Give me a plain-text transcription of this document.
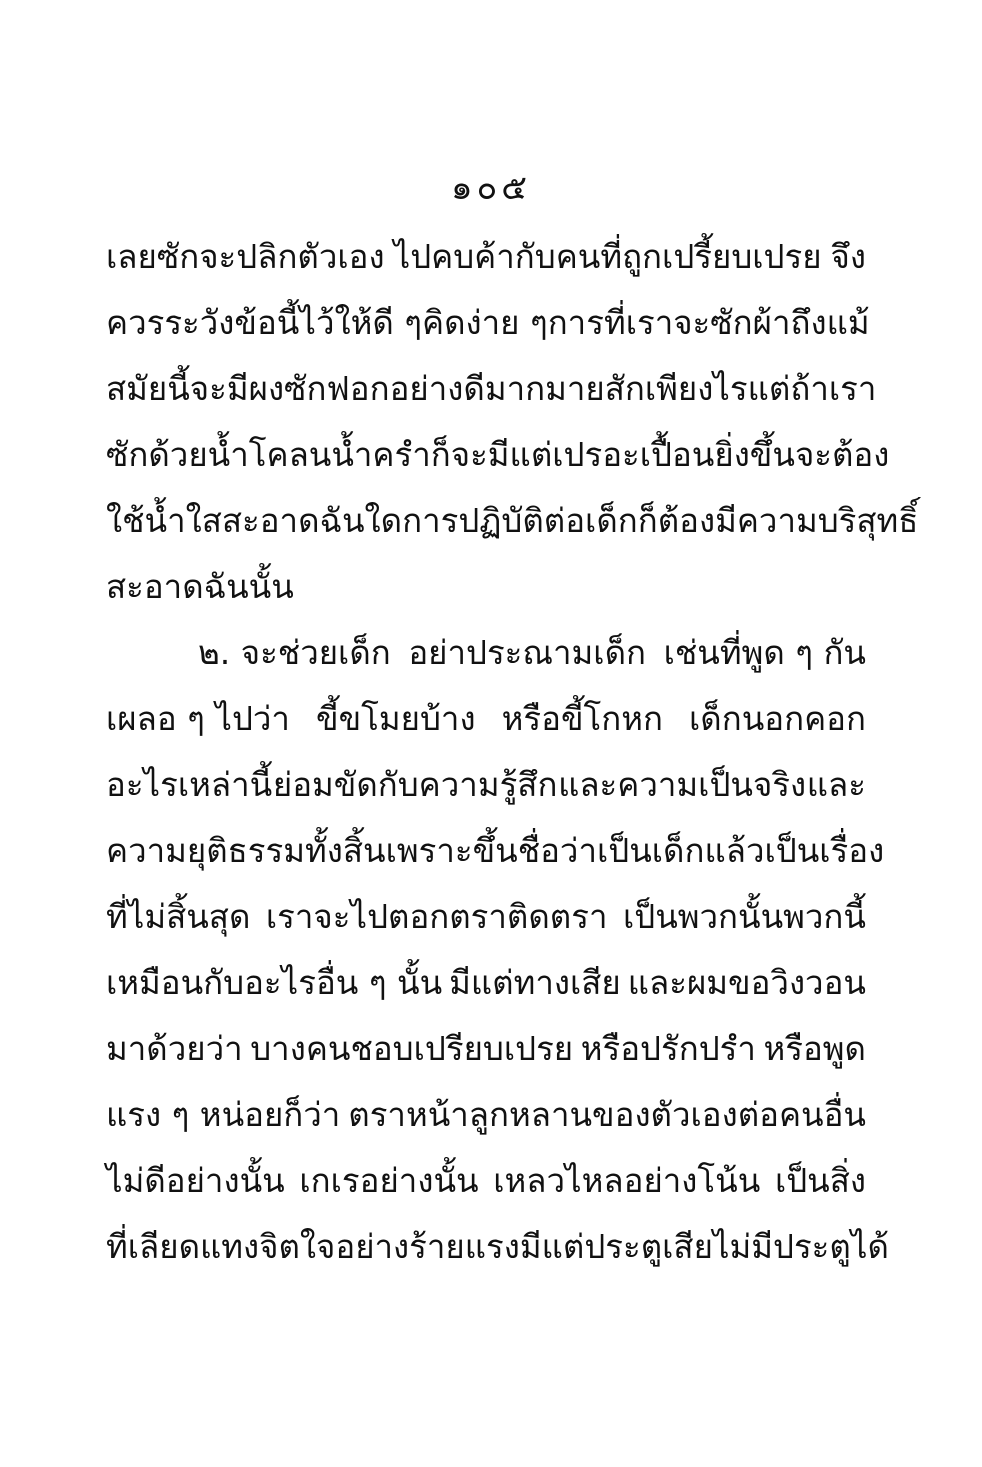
๑๐๕
เลยซักจะปลิกตัวเอง ไปคบค้ากับคนที่ถูกเปรี้ยบเปรย จึง
ควรระวังข้อนี้ไว้ให้ดี ๆ คิดง่าย ๆ การที่เราจะซักผ้าถึงแม้
สมัยนี้จะมีผงซักฟอกอย่างดีมากมายสักเพียงไร แต่ถ้าเรา
ซักด้วยน้ำโคลนน้ำครำ ก็จะมีแต่เปรอะเปื้อนยิ่งขึ้น จะต้อง
ใช้น้ำใสสะอาดฉันใด การปฏิบัติต่อเด็กก็ต้องมีความบริสุทธิ์
สะอาดฉันนั้น
๒. จะช่วยเด็ก อย่าประณามเด็ก เช่นที่พูด ๆ กัน
เผลอ ๆ ไปว่า ขี้ขโมยบ้าง หรือขี้โกหก เด็กนอกคอก
อะไรเหล่านี้ ย่อมขัดกับความรู้สึก และความเป็นจริง และ
ความยุติธรรมทั้งสิ้น เพราะขึ้นชื่อว่าเป็นเด็กแล้ว เป็นเรื่อง
ที่ไม่สิ้นสุด เราจะไปตอกตราติดตรา เป็นพวกนั้นพวกนี้
เหมือนกับอะไรอื่น ๆ นั้น มีแต่ทางเสีย และผมขอวิงวอน
มาด้วยว่า บางคนชอบเปรียบเปรย หรือปรักปรำ หรือพูด
แรง ๆ หน่อยก็ว่า ตราหน้าลูกหลานของตัวเองต่อคนอื่น
ไม่ดีอย่างนั้น เกเรอย่างนั้น เหลวไหลอย่างโน้น เป็นสิ่ง
ที่เลียดแทงจิตใจอย่างร้ายแรง มีแต่ประตูเสียไม่มีประตูได้
